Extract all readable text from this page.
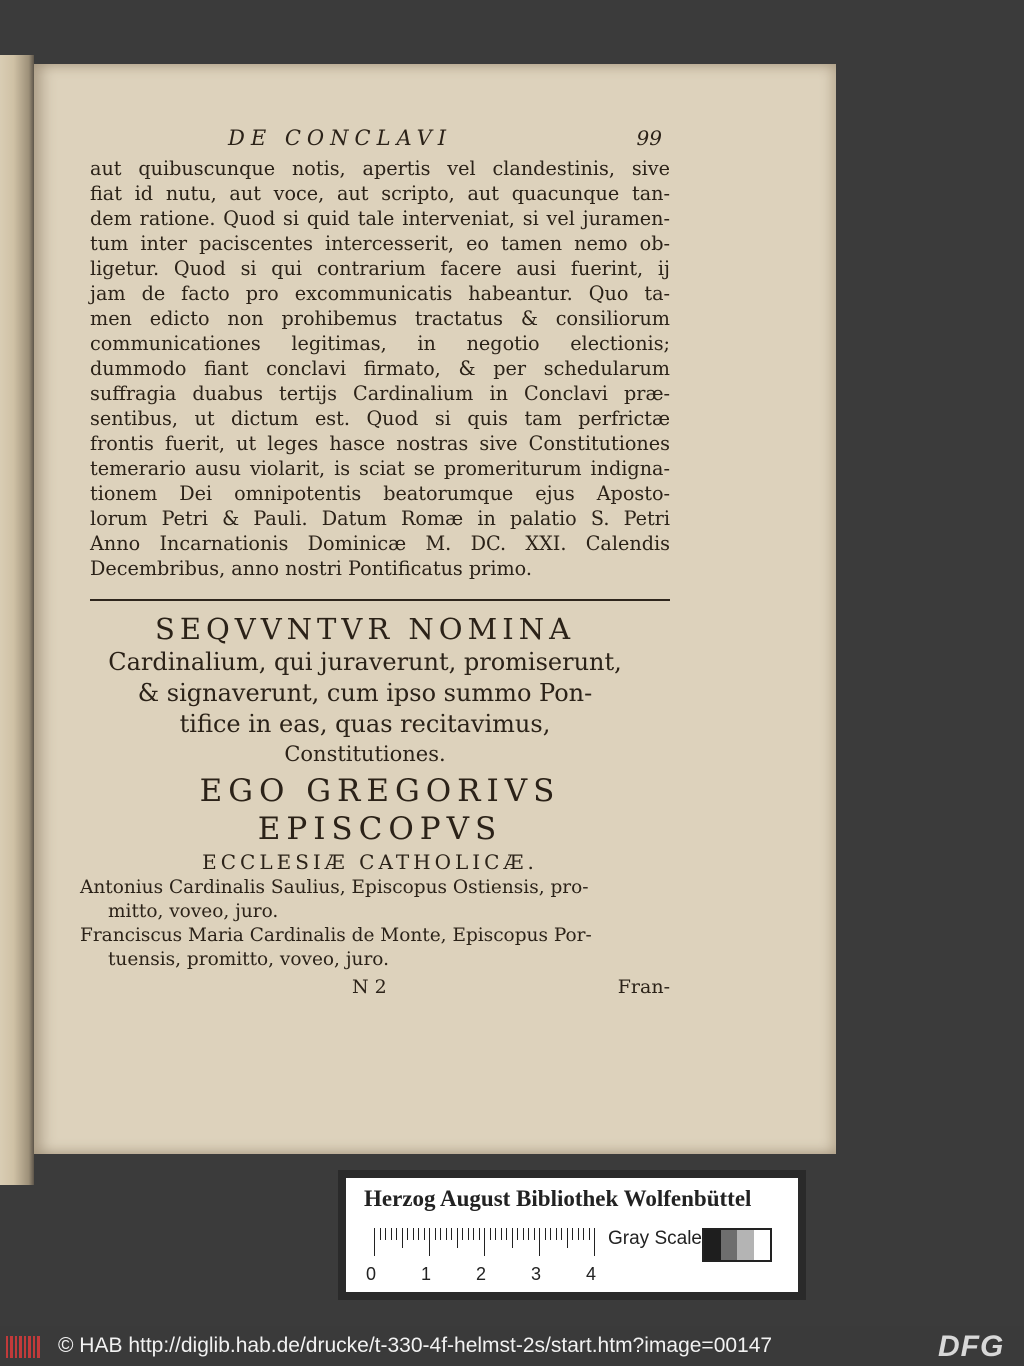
DE CONCLAVI	99
aut quibuscunque notis, apertis vel clandestinis, sive
fiat id nutu, aut voce, aut scripto, aut quacunque tan-
dem ratione. Quod si quid tale interveniat, si vel juramen-
tum inter paciscentes intercesserit, eo tamen nemo ob-
ligetur. Quod si qui contrarium facere ausi fuerint, ij
jam de facto pro excommunicatis habeantur. Quo ta-
men edicto non prohibemus tractatus & consiliorum
communicationes legitimas, in negotio electionis;
dummodo fiant conclavi firmato, & per schedularum
suffragia duabus tertijs Cardinalium in Conclavi præ-
sentibus, ut dictum est. Quod si quis tam perfrictæ
frontis fuerit, ut leges hasce nostras sive Constitutiones
temerario ausu violarit, is sciat se promeriturum indigna-
tionem Dei omnipotentis beatorumque ejus Aposto-
lorum Petri & Pauli. Datum Romæ in palatio S. Petri
Anno Incarnationis Dominicæ M. DC. XXI. Calendis
Decembribus, anno nostri Pontificatus primo.
SEQVVNTVR NOMINA
Cardinalium, qui juraverunt, promiserunt,
& signaverunt, cum ipso summo Pon-
tifice in eas, quas recitavimus,
Constitutiones.
EGO GREGORIVS EPISCOPVS
ECCLESIÆ CATHOLICÆ.
Antonius Cardinalis Saulius, Episcopus Ostiensis, pro-
mitto, voveo, juro.
Franciscus Maria Cardinalis de Monte, Episcopus Por-
tuensis, promitto, voveo, juro.
N 2	Fran-
Herzog August Bibliothek Wolfenbüttel
0 1 2 3 4
Gray Scale
© HAB http://diglib.hab.de/drucke/t-330-4f-helmst-2s/start.htm?image=00147	DFG
